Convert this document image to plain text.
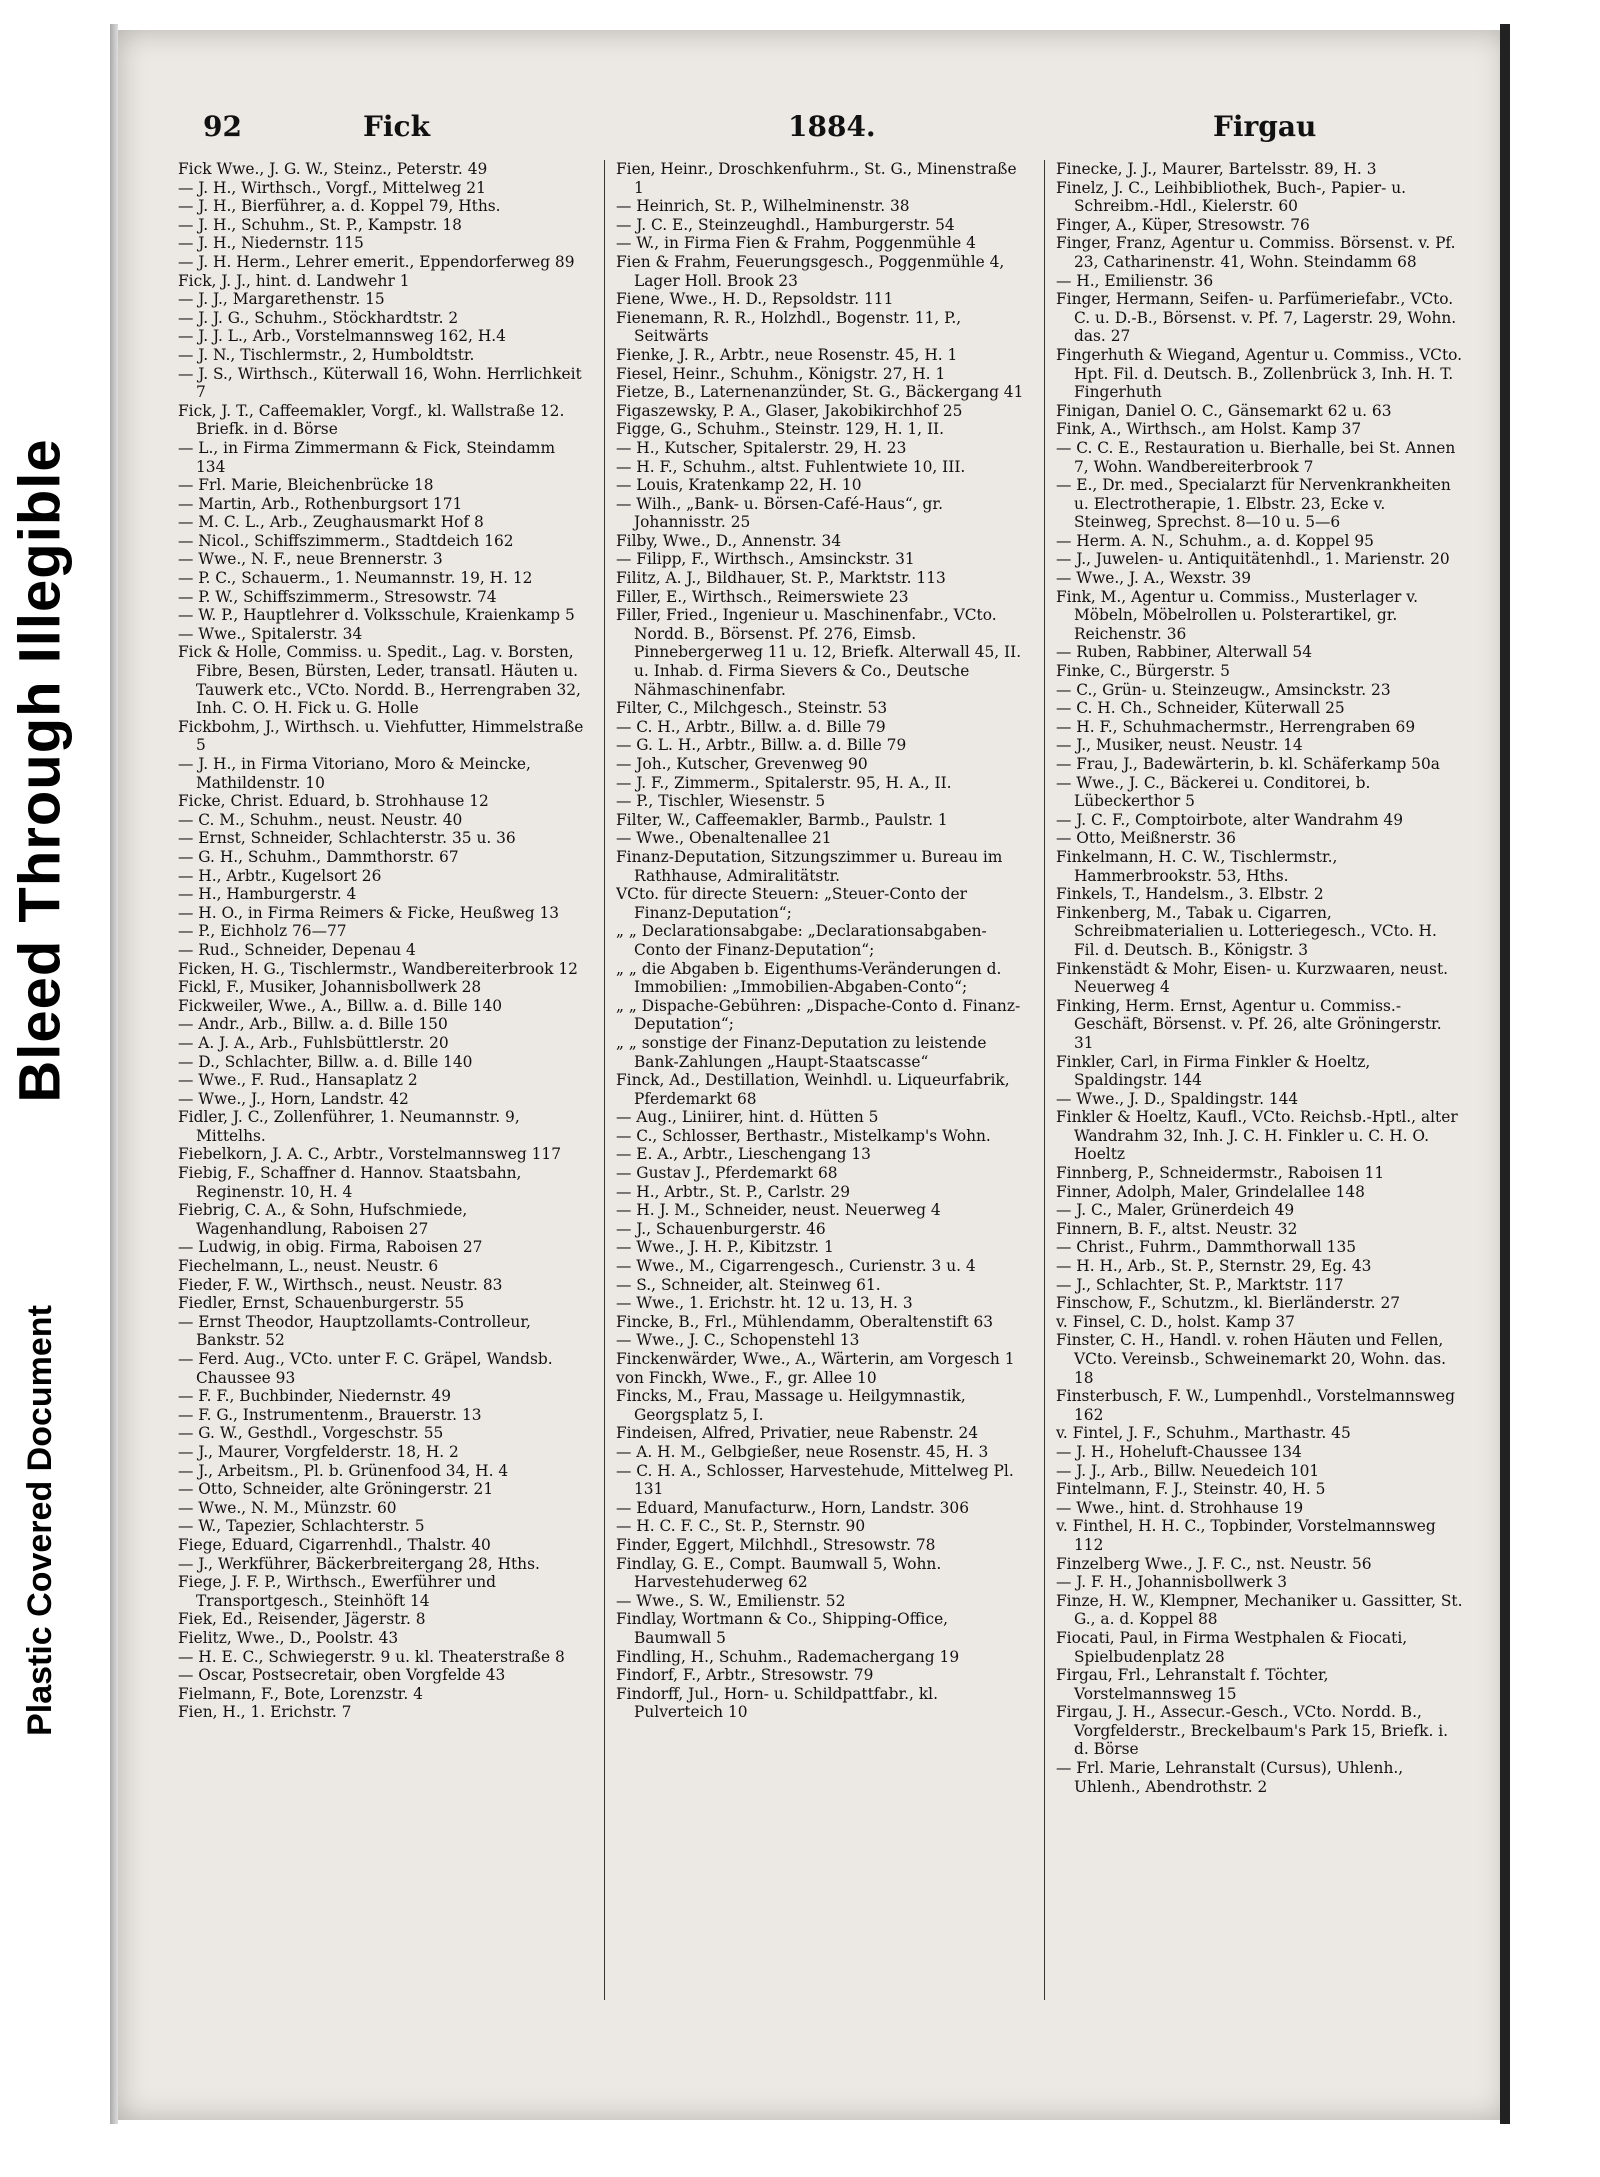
Bleed Through Illegible
Plastic Covered Document
92	Fick	1884.	Firgau
Fick Wwe., J. G. W., Steinz., Peterstr. 49
— J. H., Wirthsch., Vorgf., Mittelweg 21
— J. H., Bierführer, a. d. Koppel 79, Hths.
— J. H., Schuhm., St. P., Kampstr. 18
— J. H., Niedernstr. 115
— J. H. Herm., Lehrer emerit., Eppendorferweg 89
Fick, J. J., hint. d. Landwehr 1
— J. J., Margarethenstr. 15
— J. J. G., Schuhm., Stöckhardtstr. 2
— J. J. L., Arb., Vorstelmannsweg 162, H.4
— J. N., Tischlermstr., 2, Humboldtstr.
— J. S., Wirthsch., Küterwall 16, Wohn. Herrlichkeit 7
Fick, J. T., Caffeemakler, Vorgf., kl. Wallstraße 12. Briefk. in d. Börse
— L., in Firma Zimmermann & Fick, Steindamm 134
— Frl. Marie, Bleichenbrücke 18
— Martin, Arb., Rothenburgsort 171
— M. C. L., Arb., Zeughausmarkt Hof 8
— Nicol., Schiffszimmerm., Stadtdeich 162
— Wwe., N. F., neue Brennerstr. 3
— P. C., Schauerm., 1. Neumannstr. 19, H. 12
— P. W., Schiffszimmerm., Stresowstr. 74
— W. P., Hauptlehrer d. Volksschule, Kraienkamp 5
— Wwe., Spitalerstr. 34
Fick & Holle, Commiss. u. Spedit., Lag. v. Borsten, Fibre, Besen, Bürsten, Leder, transatl. Häuten u. Tauwerk etc., VCto. Nordd. B., Herrengraben 32, Inh. C. O. H. Fick u. G. Holle
Fickbohm, J., Wirthsch. u. Viehfutter, Himmelstraße 5
— J. H., in Firma Vitoriano, Moro & Meincke, Mathildenstr. 10
Ficke, Christ. Eduard, b. Strohhause 12
— C. M., Schuhm., neust. Neustr. 40
— Ernst, Schneider, Schlachterstr. 35 u. 36
— G. H., Schuhm., Dammthorstr. 67
— H., Arbtr., Kugelsort 26
— H., Hamburgerstr. 4
— H. O., in Firma Reimers & Ficke, Heußweg 13
— P., Eichholz 76—77
— Rud., Schneider, Depenau 4
Ficken, H. G., Tischlermstr., Wandbereiterbrook 12
Fickl, F., Musiker, Johannisbollwerk 28
Fickweiler, Wwe., A., Billw. a. d. Bille 140
— Andr., Arb., Billw. a. d. Bille 150
— A. J. A., Arb., Fuhlsbüttlerstr. 20
— D., Schlachter, Billw. a. d. Bille 140
— Wwe., F. Rud., Hansaplatz 2
— Wwe., J., Horn, Landstr. 42
Fidler, J. C., Zollenführer, 1. Neumannstr. 9, Mittelhs.
Fiebelkorn, J. A. C., Arbtr., Vorstelmannsweg 117
Fiebig, F., Schaffner d. Hannov. Staatsbahn, Reginenstr. 10, H. 4
Fiebrig, C. A., & Sohn, Hufschmiede, Wagenhandlung, Raboisen 27
— Ludwig, in obig. Firma, Raboisen 27
Fiechelmann, L., neust. Neustr. 6
Fieder, F. W., Wirthsch., neust. Neustr. 83
Fiedler, Ernst, Schauenburgerstr. 55
— Ernst Theodor, Hauptzollamts-Controlleur, Bankstr. 52
— Ferd. Aug., VCto. unter F. C. Gräpel, Wandsb. Chaussee 93
— F. F., Buchbinder, Niedernstr. 49
— F. G., Instrumentenm., Brauerstr. 13
— G. W., Gesthdl., Vorgeschstr. 55
— J., Maurer, Vorgfelderstr. 18, H. 2
— J., Arbeitsm., Pl. b. Grünenfood 34, H. 4
— Otto, Schneider, alte Gröningerstr. 21
— Wwe., N. M., Münzstr. 60
— W., Tapezier, Schlachterstr. 5
Fiege, Eduard, Cigarrenhdl., Thalstr. 40
— J., Werkführer, Bäckerbreitergang 28, Hths.
Fiege, J. F. P., Wirthsch., Ewerführer und Transportgesch., Steinhöft 14
Fiek, Ed., Reisender, Jägerstr. 8
Fielitz, Wwe., D., Poolstr. 43
— H. E. C., Schwiegerstr. 9 u. kl. Theaterstraße 8
— Oscar, Postsecretair, oben Vorgfelde 43
Fielmann, F., Bote, Lorenzstr. 4
Fien, H., 1. Erichstr. 7
Fien, Heinr., Droschkenfuhrm., St. G., Minenstraße 1
— Heinrich, St. P., Wilhelminenstr. 38
— J. C. E., Steinzeughdl., Hamburgerstr. 54
— W., in Firma Fien & Frahm, Poggenmühle 4
Fien & Frahm, Feuerungsgesch., Poggenmühle 4, Lager Holl. Brook 23
Fiene, Wwe., H. D., Repsoldstr. 111
Fienemann, R. R., Holzhdl., Bogenstr. 11, P., Seitwärts
Fienke, J. R., Arbtr., neue Rosenstr. 45, H. 1
Fiesel, Heinr., Schuhm., Königstr. 27, H. 1
Fietze, B., Laternenanzünder, St. G., Bäckergang 41
Figaszewsky, P. A., Glaser, Jakobikirchhof 25
Figge, G., Schuhm., Steinstr. 129, H. 1, II.
— H., Kutscher, Spitalerstr. 29, H. 23
— H. F., Schuhm., altst. Fuhlentwiete 10, III.
— Louis, Kratenkamp 22, H. 10
— Wilh., „Bank- u. Börsen-Café-Haus“, gr. Johannisstr. 25
Filby, Wwe., D., Annenstr. 34
— Filipp, F., Wirthsch., Amsinckstr. 31
Filitz, A. J., Bildhauer, St. P., Marktstr. 113
Filler, E., Wirthsch., Reimerswiete 23
Filler, Fried., Ingenieur u. Maschinenfabr., VCto. Nordd. B., Börsenst. Pf. 276, Eimsb. Pinnebergerweg 11 u. 12, Briefk. Alterwall 45, II. u. Inhab. d. Firma Sievers & Co., Deutsche Nähmaschinenfabr.
Filter, C., Milchgesch., Steinstr. 53
— C. H., Arbtr., Billw. a. d. Bille 79
— G. L. H., Arbtr., Billw. a. d. Bille 79
— Joh., Kutscher, Grevenweg 90
— J. F., Zimmerm., Spitalerstr. 95, H. A., II.
— P., Tischler, Wiesenstr. 5
Filter, W., Caffeemakler, Barmb., Paulstr. 1
— Wwe., Obenaltenallee 21
Finanz-Deputation, Sitzungszimmer u. Bureau im Rathhause, Admiralitätstr.
VCto. für directe Steuern: „Steuer-Conto der Finanz-Deputation“;
„ „ Declarationsabgabe: „Declarationsabgaben-Conto der Finanz-Deputation“;
„ „ die Abgaben b. Eigenthums-Veränderungen d. Immobilien: „Immobilien-Abgaben-Conto“;
„ „ Dispache-Gebühren: „Dispache-Conto d. Finanz-Deputation“;
„ „ sonstige der Finanz-Deputation zu leistende Bank-Zahlungen „Haupt-Staatscasse“
Finck, Ad., Destillation, Weinhdl. u. Liqueurfabrik, Pferdemarkt 68
— Aug., Liniirer, hint. d. Hütten 5
— C., Schlosser, Berthastr., Mistelkamp's Wohn.
— E. A., Arbtr., Lieschengang 13
— Gustav J., Pferdemarkt 68
— H., Arbtr., St. P., Carlstr. 29
— H. J. M., Schneider, neust. Neuerweg 4
— J., Schauenburgerstr. 46
— Wwe., J. H. P., Kibitzstr. 1
— Wwe., M., Cigarrengesch., Curienstr. 3 u. 4
— S., Schneider, alt. Steinweg 61.
— Wwe., 1. Erichstr. ht. 12 u. 13, H. 3
Fincke, B., Frl., Mühlendamm, Oberaltenstift 63
— Wwe., J. C., Schopenstehl 13
Finckenwärder, Wwe., A., Wärterin, am Vorgesch 1
von Finckh, Wwe., F., gr. Allee 10
Fincks, M., Frau, Massage u. Heilgymnastik, Georgsplatz 5, I.
Findeisen, Alfred, Privatier, neue Rabenstr. 24
— A. H. M., Gelbgießer, neue Rosenstr. 45, H. 3
— C. H. A., Schlosser, Harvestehude, Mittelweg Pl. 131
— Eduard, Manufacturw., Horn, Landstr. 306
— H. C. F. C., St. P., Sternstr. 90
Finder, Eggert, Milchhdl., Stresowstr. 78
Findlay, G. E., Compt. Baumwall 5, Wohn. Harvestehuderweg 62
— Wwe., S. W., Emilienstr. 52
Findlay, Wortmann & Co., Shipping-Office, Baumwall 5
Findling, H., Schuhm., Rademachergang 19
Findorf, F., Arbtr., Stresowstr. 79
Findorff, Jul., Horn- u. Schildpattfabr., kl. Pulverteich 10
Finecke, J. J., Maurer, Bartelsstr. 89, H. 3
Finelz, J. C., Leihbibliothek, Buch-, Papier- u. Schreibm.-Hdl., Kielerstr. 60
Finger, A., Küper, Stresowstr. 76
Finger, Franz, Agentur u. Commiss. Börsenst. v. Pf. 23, Catharinenstr. 41, Wohn. Steindamm 68
— H., Emilienstr. 36
Finger, Hermann, Seifen- u. Parfümeriefabr., VCto. C. u. D.-B., Börsenst. v. Pf. 7, Lagerstr. 29, Wohn. das. 27
Fingerhuth & Wiegand, Agentur u. Commiss., VCto. Hpt. Fil. d. Deutsch. B., Zollenbrück 3, Inh. H. T. Fingerhuth
Finigan, Daniel O. C., Gänsemarkt 62 u. 63
Fink, A., Wirthsch., am Holst. Kamp 37
— C. C. E., Restauration u. Bierhalle, bei St. Annen 7, Wohn. Wandbereiterbrook 7
— E., Dr. med., Specialarzt für Nervenkrankheiten u. Electrotherapie, 1. Elbstr. 23, Ecke v. Steinweg, Sprechst. 8—10 u. 5—6
— Herm. A. N., Schuhm., a. d. Koppel 95
— J., Juwelen- u. Antiquitätenhdl., 1. Marienstr. 20
— Wwe., J. A., Wexstr. 39
Fink, M., Agentur u. Commiss., Musterlager v. Möbeln, Möbelrollen u. Polsterartikel, gr. Reichenstr. 36
— Ruben, Rabbiner, Alterwall 54
Finke, C., Bürgerstr. 5
— C., Grün- u. Steinzeugw., Amsinckstr. 23
— C. H. Ch., Schneider, Küterwall 25
— H. F., Schuhmachermstr., Herrengraben 69
— J., Musiker, neust. Neustr. 14
— Frau, J., Badewärterin, b. kl. Schäferkamp 50a
— Wwe., J. C., Bäckerei u. Conditorei, b. Lübeckerthor 5
— J. C. F., Comptoirbote, alter Wandrahm 49
— Otto, Meißnerstr. 36
Finkelmann, H. C. W., Tischlermstr., Hammerbrookstr. 53, Hths.
Finkels, T., Handelsm., 3. Elbstr. 2
Finkenberg, M., Tabak u. Cigarren, Schreibmaterialien u. Lotteriegesch., VCto. H. Fil. d. Deutsch. B., Königstr. 3
Finkenstädt & Mohr, Eisen- u. Kurzwaaren, neust. Neuerweg 4
Finking, Herm. Ernst, Agentur u. Commiss.-Geschäft, Börsenst. v. Pf. 26, alte Gröningerstr. 31
Finkler, Carl, in Firma Finkler & Hoeltz, Spaldingstr. 144
— Wwe., J. D., Spaldingstr. 144
Finkler & Hoeltz, Kaufl., VCto. Reichsb.-Hptl., alter Wandrahm 32, Inh. J. C. H. Finkler u. C. H. O. Hoeltz
Finnberg, P., Schneidermstr., Raboisen 11
Finner, Adolph, Maler, Grindelallee 148
— J. C., Maler, Grünerdeich 49
Finnern, B. F., altst. Neustr. 32
— Christ., Fuhrm., Dammthorwall 135
— H. H., Arb., St. P., Sternstr. 29, Eg. 43
— J., Schlachter, St. P., Marktstr. 117
Finschow, F., Schutzm., kl. Bierländerstr. 27
v. Finsel, C. D., holst. Kamp 37
Finster, C. H., Handl. v. rohen Häuten und Fellen, VCto. Vereinsb., Schweinemarkt 20, Wohn. das. 18
Finsterbusch, F. W., Lumpenhdl., Vorstelmannsweg 162
v. Fintel, J. F., Schuhm., Marthastr. 45
— J. H., Hoheluft-Chaussee 134
— J. J., Arb., Billw. Neuedeich 101
Fintelmann, F. J., Steinstr. 40, H. 5
— Wwe., hint. d. Strohhause 19
v. Finthel, H. H. C., Topbinder, Vorstelmannsweg 112
Finzelberg Wwe., J. F. C., nst. Neustr. 56
— J. F. H., Johannisbollwerk 3
Finze, H. W., Klempner, Mechaniker u. Gassitter, St. G., a. d. Koppel 88
Fiocati, Paul, in Firma Westphalen & Fiocati, Spielbudenplatz 28
Firgau, Frl., Lehranstalt f. Töchter, Vorstelmannsweg 15
Firgau, J. H., Assecur.-Gesch., VCto. Nordd. B., Vorgfelderstr., Breckelbaum's Park 15, Briefk. i. d. Börse
— Frl. Marie, Lehranstalt (Cursus), Uhlenh., Uhlenh., Abendrothstr. 2
